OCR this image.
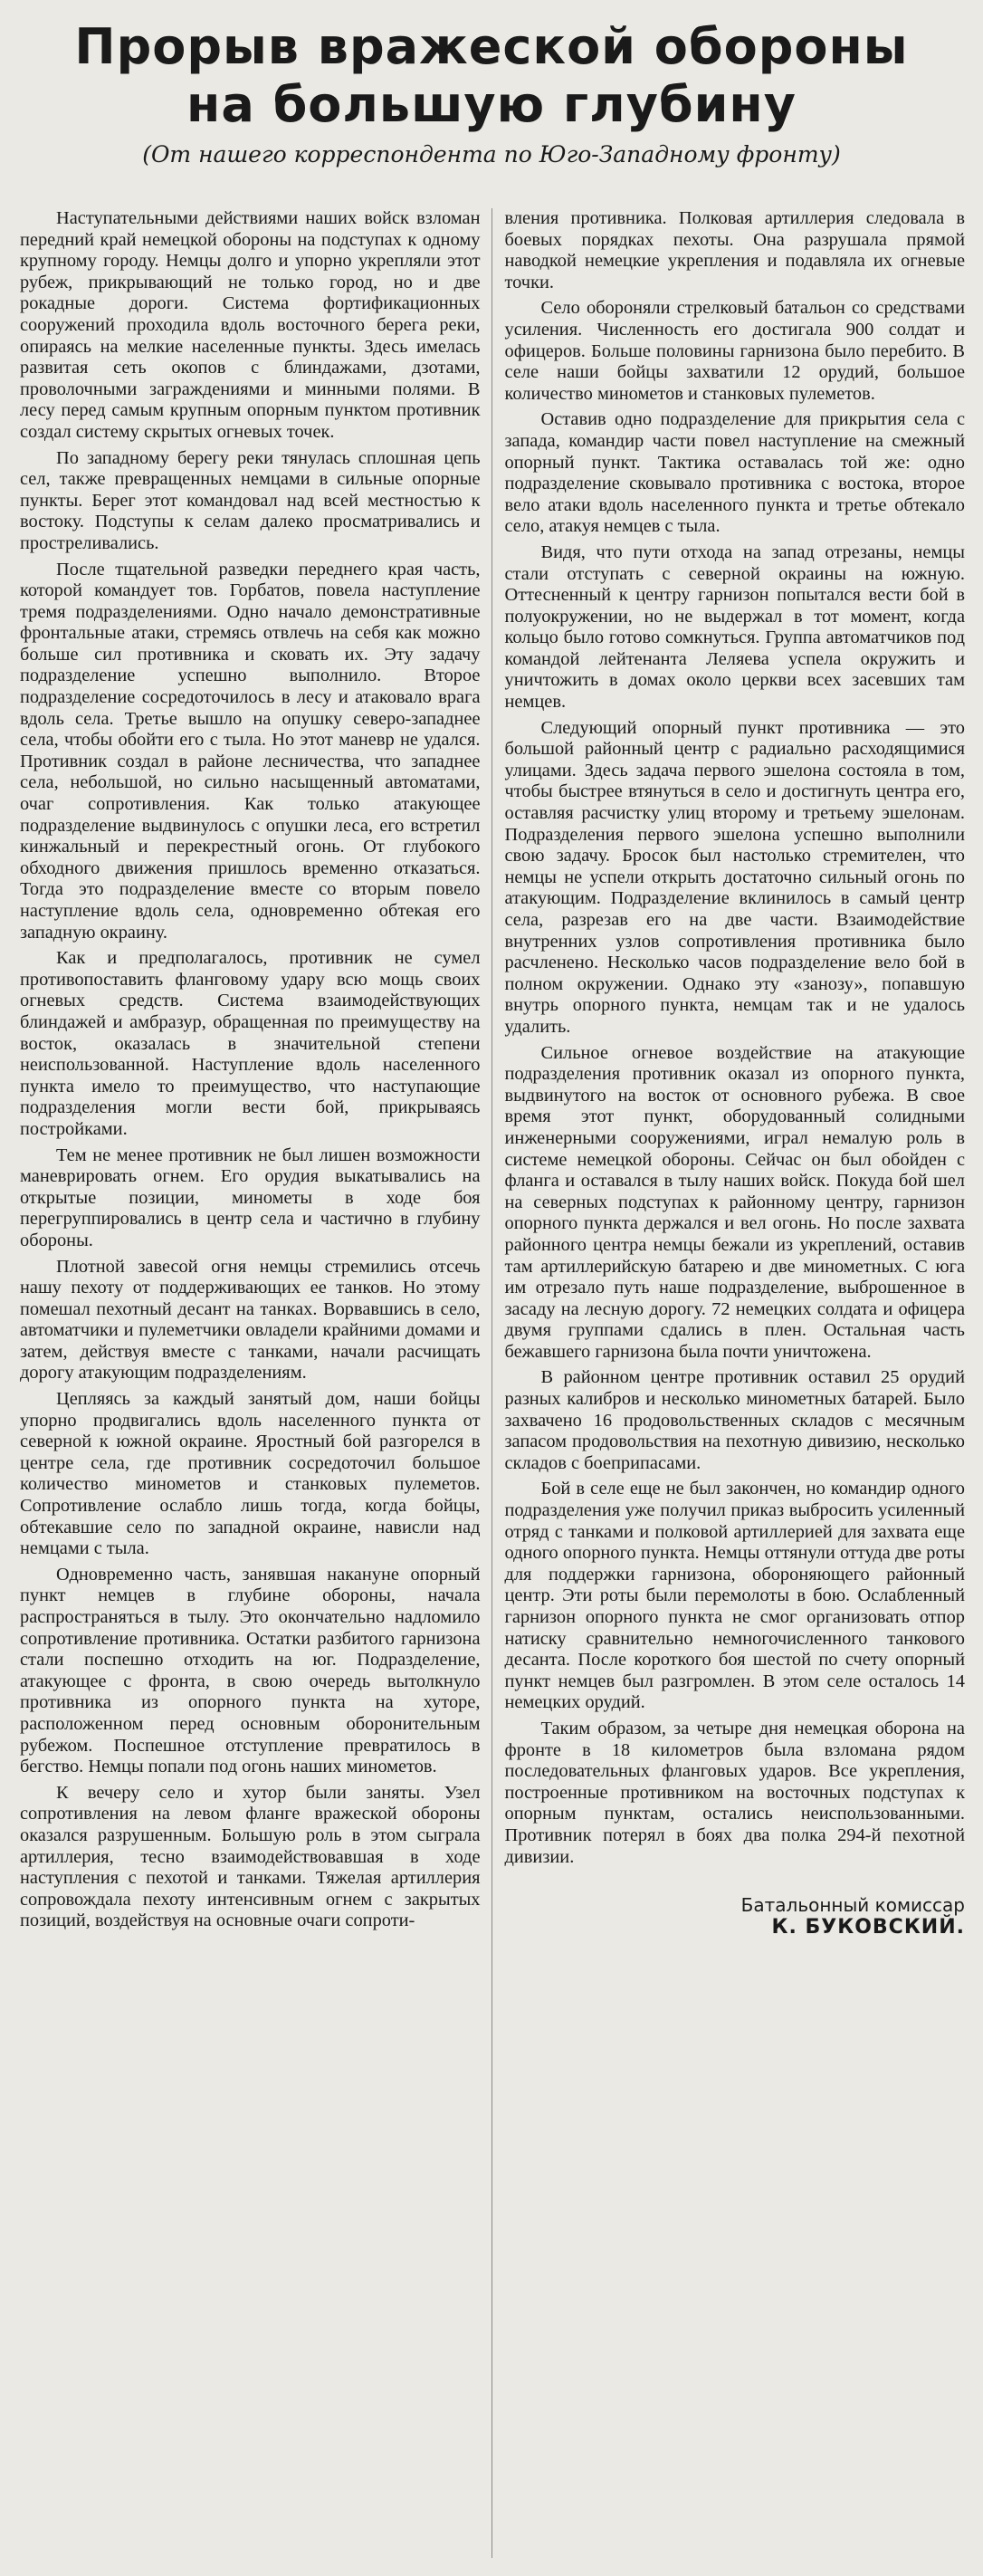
Прорыв вражеской обороны
на большую глубину
(От нашего корреспондента по Юго-Западному фронту)

Наступательными действиями наших войск взломан передний край немецкой обороны на подступах к одному крупному городу. Немцы долго и упорно укрепляли этот рубеж, прикрывающий не только город, но и две рокадные дороги. Система фортификационных сооружений проходила вдоль восточного берега реки, опираясь на мелкие населенные пункты. Здесь имелась развитая сеть окопов с блиндажами, дзотами, проволочными заграждениями и минными полями. В лесу перед самым крупным опорным пунктом противник создал систему скрытых огневых точек.

По западному берегу реки тянулась сплошная цепь сел, также превращенных немцами в сильные опорные пункты. Берег этот командовал над всей местностью к востоку. Подступы к селам далеко просматривались и простреливались.

После тщательной разведки переднего края часть, которой командует тов. Горбатов, повела наступление тремя подразделениями. Одно начало демонстративные фронтальные атаки, стремясь отвлечь на себя как можно больше сил противника и сковать их. Эту задачу подразделение успешно выполнило. Второе подразделение сосредоточилось в лесу и атаковало врага вдоль села. Третье вышло на опушку северо-западнее села, чтобы обойти его с тыла. Но этот маневр не удался. Противник создал в районе лесничества, что западнее села, небольшой, но сильно насыщенный автоматами, очаг сопротивления. Как только атакующее подразделение выдвинулось с опушки леса, его встретил кинжальный и перекрестный огонь. От глубокого обходного движения пришлось временно отказаться. Тогда это подразделение вместе со вторым повело наступление вдоль села, одновременно обтекая его западную окраину.

Как и предполагалось, противник не сумел противопоставить фланговому удару всю мощь своих огневых средств. Система взаимодействующих блиндажей и амбразур, обращенная по преимуществу на восток, оказалась в значительной степени неиспользованной. Наступление вдоль населенного пункта имело то преимущество, что наступающие подразделения могли вести бой, прикрываясь постройками.

Тем не менее противник не был лишен возможности маневрировать огнем. Его орудия выкатывались на открытые позиции, минометы в ходе боя перегруппировались в центр села и частично в глубину обороны.

Плотной завесой огня немцы стремились отсечь нашу пехоту от поддерживающих ее танков. Но этому помешал пехотный десант на танках. Ворвавшись в село, автоматчики и пулеметчики овладели крайними домами и затем, действуя вместе с танками, начали расчищать дорогу атакующим подразделениям.

Цепляясь за каждый занятый дом, наши бойцы упорно продвигались вдоль населенного пункта от северной к южной окраине. Яростный бой разгорелся в центре села, где противник сосредоточил большое количество минометов и станковых пулеметов. Сопротивление ослабло лишь тогда, когда бойцы, обтекавшие село по западной окраине, нависли над немцами с тыла.

Одновременно часть, занявшая накануне опорный пункт немцев в глубине обороны, начала распространяться в тылу. Это окончательно надломило сопротивление противника. Остатки разбитого гарнизона стали поспешно отходить на юг. Подразделение, атакующее с фронта, в свою очередь вытолкнуло противника из опорного пункта на хуторе, расположенном перед основным оборонительным рубежом. Поспешное отступление превратилось в бегство. Немцы попали под огонь наших минометов.

К вечеру село и хутор были заняты. Узел сопротивления на левом фланге вражеской обороны оказался разрушенным. Большую роль в этом сыграла артиллерия, тесно взаимодействовавшая в ходе наступления с пехотой и танками. Тяжелая артиллерия сопровождала пехоту интенсивным огнем с закрытых позиций, воздействуя на основные очаги сопроти-

вления противника. Полковая артиллерия следовала в боевых порядках пехоты. Она разрушала прямой наводкой немецкие укрепления и подавляла их огневые точки.

Село обороняли стрелковый батальон со средствами усиления. Численность его достигала 900 солдат и офицеров. Больше половины гарнизона было перебито. В селе наши бойцы захватили 12 орудий, большое количество минометов и станковых пулеметов.

Оставив одно подразделение для прикрытия села с запада, командир части повел наступление на смежный опорный пункт. Тактика оставалась той же: одно подразделение сковывало противника с востока, второе вело атаки вдоль населенного пункта и третье обтекало село, атакуя немцев с тыла.

Видя, что пути отхода на запад отрезаны, немцы стали отступать с северной окраины на южную. Оттесненный к центру гарнизон попытался вести бой в полуокружении, но не выдержал в тот момент, когда кольцо было готово сомкнуться. Группа автоматчиков под командой лейтенанта Леляева успела окружить и уничтожить в домах около церкви всех засевших там немцев.

Следующий опорный пункт противника — это большой районный центр с радиально расходящимися улицами. Здесь задача первого эшелона состояла в том, чтобы быстрее втянуться в село и достигнуть центра его, оставляя расчистку улиц второму и третьему эшелонам. Подразделения первого эшелона успешно выполнили свою задачу. Бросок был настолько стремителен, что немцы не успели открыть достаточно сильный огонь по атакующим. Подразделение вклинилось в самый центр села, разрезав его на две части. Взаимодействие внутренних узлов сопротивления противника было расчленено. Несколько часов подразделение вело бой в полном окружении. Однако эту «занозу», попавшую внутрь опорного пункта, немцам так и не удалось удалить.

Сильное огневое воздействие на атакующие подразделения противник оказал из опорного пункта, выдвинутого на восток от основного рубежа. В свое время этот пункт, оборудованный солидными инженерными сооружениями, играл немалую роль в системе немецкой обороны. Сейчас он был обойден с фланга и оставался в тылу наших войск. Покуда бой шел на северных подступах к районному центру, гарнизон опорного пункта держался и вел огонь. Но после захвата районного центра немцы бежали из укреплений, оставив там артиллерийскую батарею и две минометных. С юга им отрезало путь наше подразделение, выброшенное в засаду на лесную дорогу. 72 немецких солдата и офицера двумя группами сдались в плен. Остальная часть бежавшего гарнизона была почти уничтожена.

В районном центре противник оставил 25 орудий разных калибров и несколько минометных батарей. Было захвачено 16 продовольственных складов с месячным запасом продовольствия на пехотную дивизию, несколько складов с боеприпасами.

Бой в селе еще не был закончен, но командир одного подразделения уже получил приказ выбросить усиленный отряд с танками и полковой артиллерией для захвата еще одного опорного пункта. Немцы оттянули оттуда две роты для поддержки гарнизона, обороняющего районный центр. Эти роты были перемолоты в бою. Ослабленный гарнизон опорного пункта не смог организовать отпор натиску сравнительно немногочисленного танкового десанта. После короткого боя шестой по счету опорный пункт немцев был разгромлен. В этом селе осталось 14 немецких орудий.

Таким образом, за четыре дня немецкая оборона на фронте в 18 километров была взломана рядом последовательных фланговых ударов. Все укрепления, построенные противником на восточных подступах к опорным пунктам, остались неиспользованными. Противник потерял в боях два полка 294-й пехотной дивизии.

Батальонный комиссар
К. БУКОВСКИЙ.
